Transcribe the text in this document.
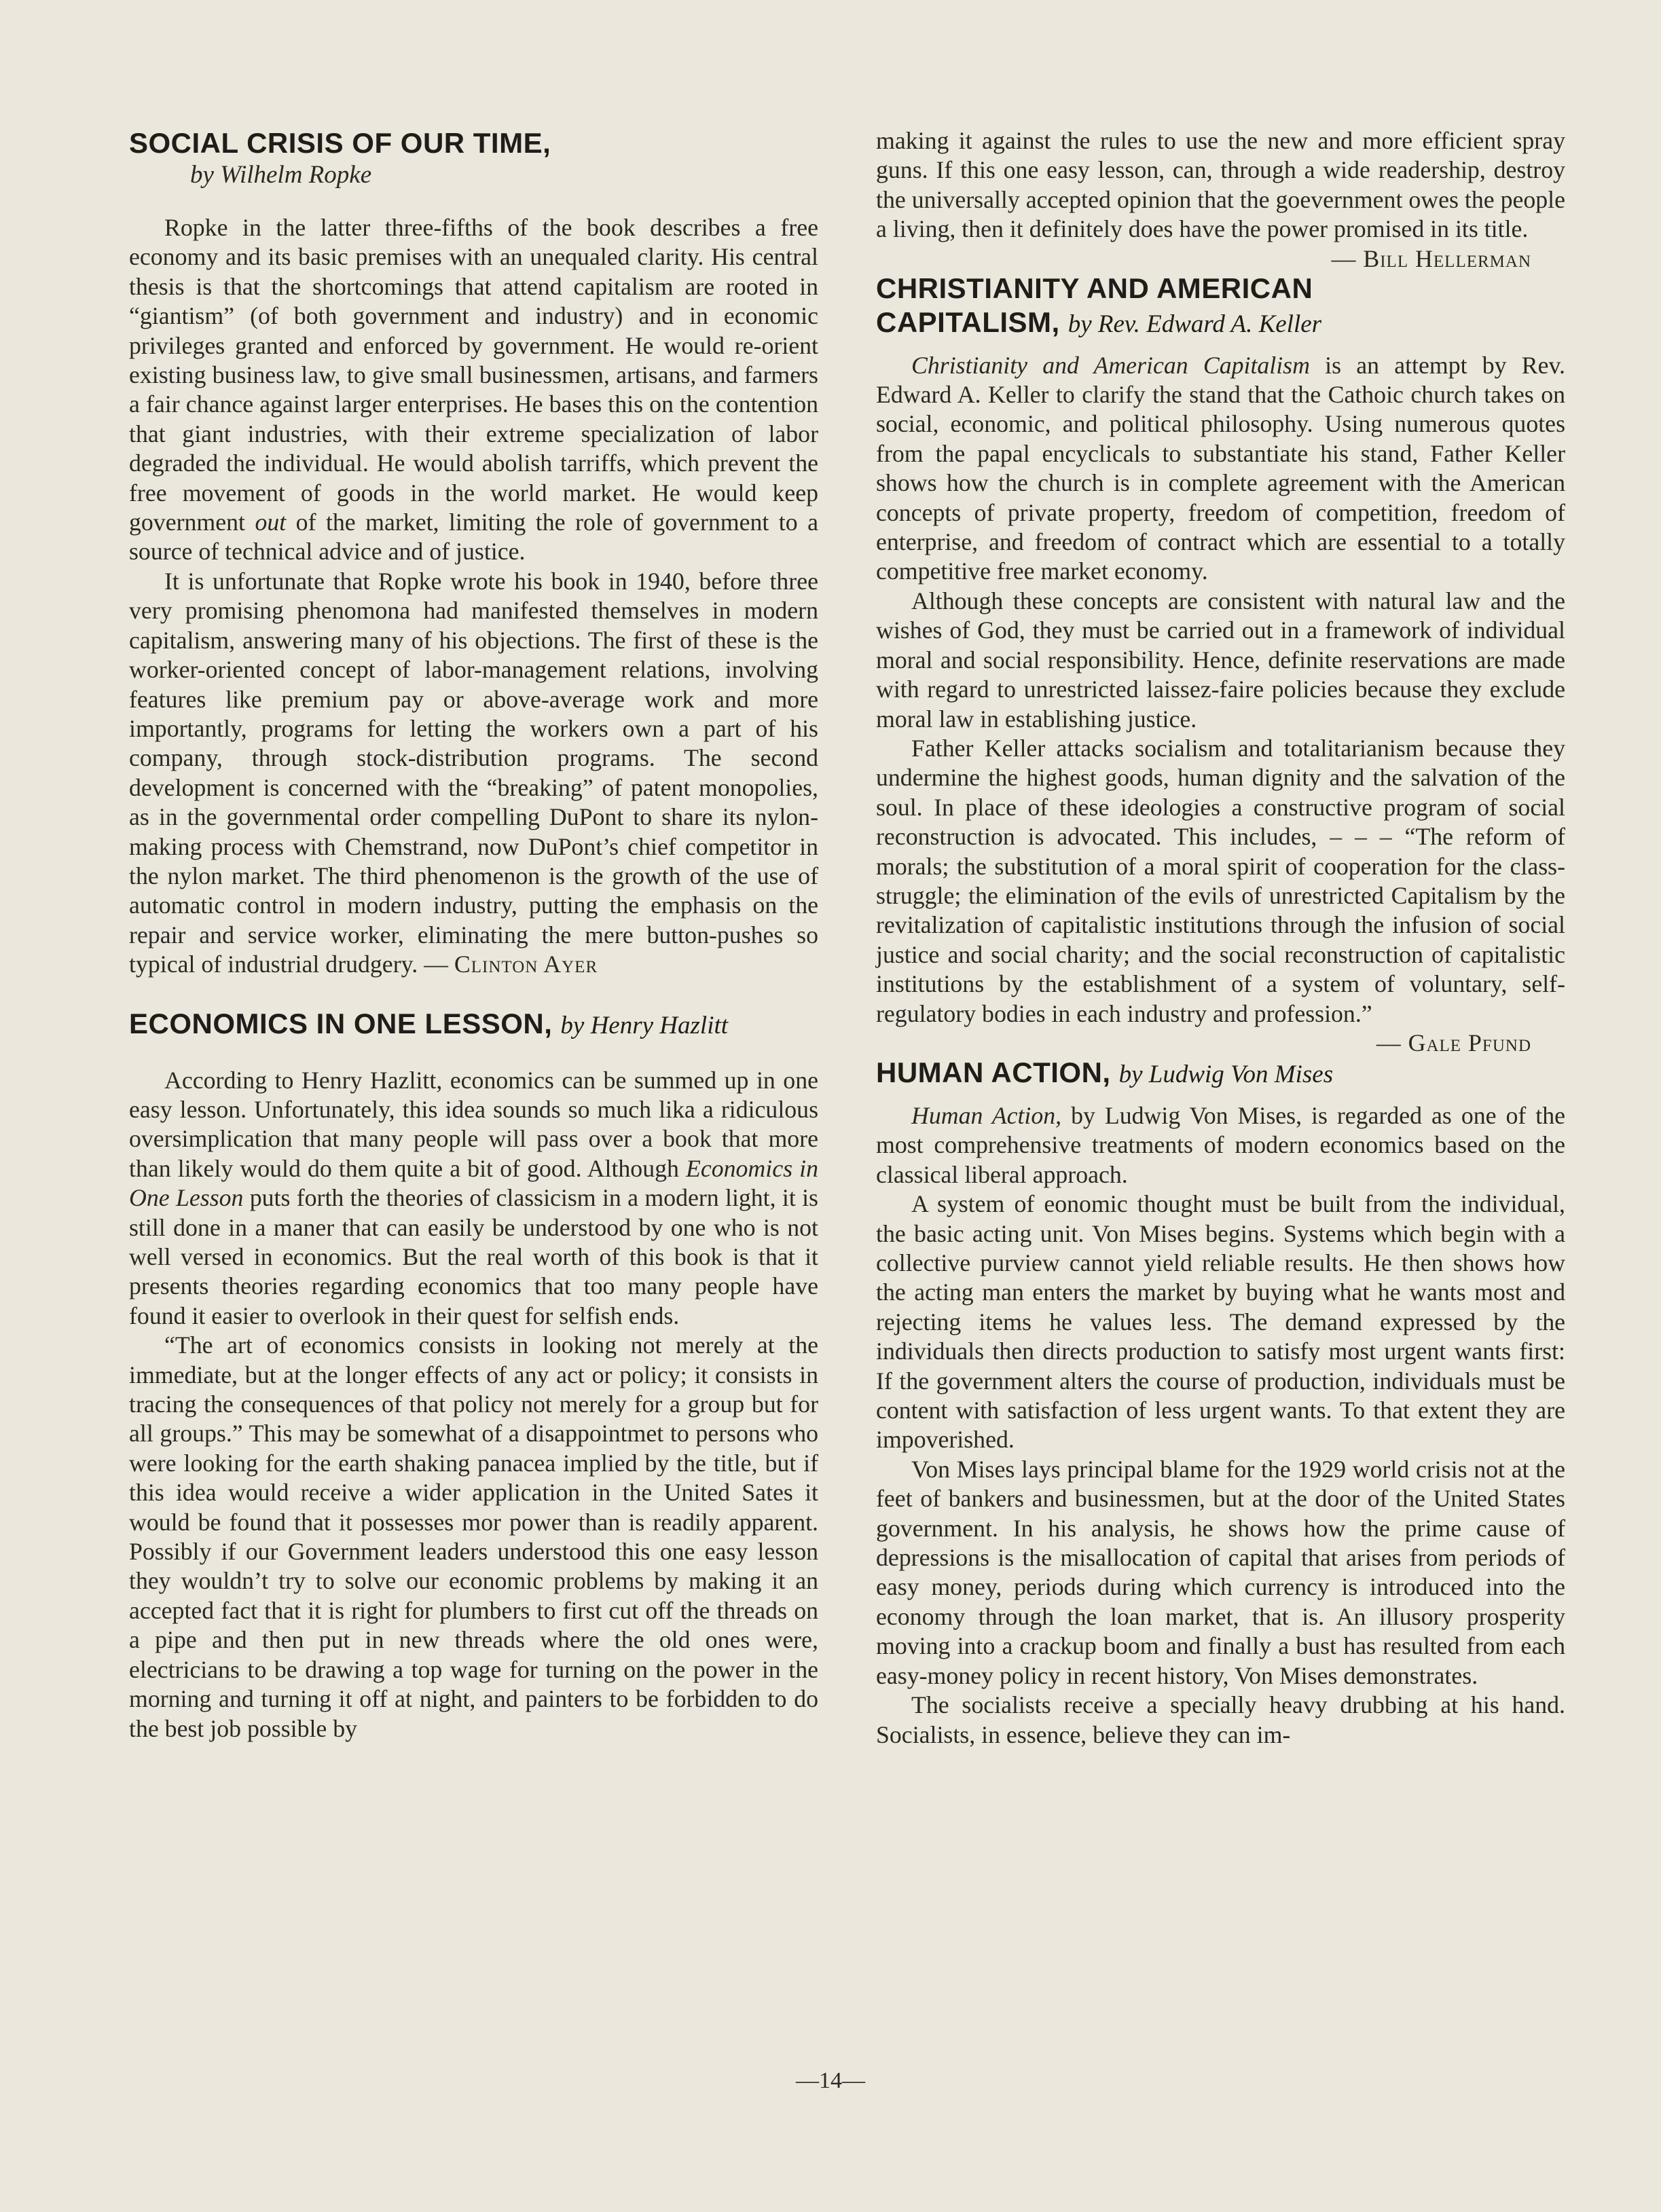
SOCIAL CRISIS OF OUR TIME,
by Wilhelm Ropke

Ropke in the latter three-fifths of the book describes a free economy and its basic premises with an unequaled clarity. His central thesis is that the shortcomings that attend capitalism are rooted in “giantism” (of both government and industry) and in economic privileges granted and enforced by government. He would re-orient existing business law, to give small businessmen, artisans, and farmers a fair chance against larger enterprises. He bases this on the contention that giant industries, with their extreme specialization of labor degraded the individual. He would abolish tarriffs, which prevent the free movement of goods in the world market. He would keep government out of the market, limiting the role of government to a source of technical advice and of justice.

It is unfortunate that Ropke wrote his book in 1940, before three very promising phenomona had manifested themselves in modern capitalism, answering many of his objections. The first of these is the worker-oriented concept of labor-management relations, involving features like premium pay or above-average work and more importantly, programs for letting the workers own a part of his company, through stock-distribution programs. The second development is concerned with the “breaking” of patent monopolies, as in the governmental order compelling DuPont to share its nylon-making process with Chemstrand, now DuPont’s chief competitor in the nylon market. The third phenomenon is the growth of the use of automatic control in modern industry, putting the emphasis on the repair and service worker, eliminating the mere button-pushes so typical of industrial drudgery. — Clinton Ayer

ECONOMICS IN ONE LESSON, by Henry Hazlitt

According to Henry Hazlitt, economics can be summed up in one easy lesson. Unfortunately, this idea sounds so much lika a ridiculous oversimplication that many people will pass over a book that more than likely would do them quite a bit of good. Although Economics in One Lesson puts forth the theories of classicism in a modern light, it is still done in a maner that can easily be understood by one who is not well versed in economics. But the real worth of this book is that it presents theories regarding economics that too many people have found it easier to overlook in their quest for selfish ends.

“The art of economics consists in looking not merely at the immediate, but at the longer effects of any act or policy; it consists in tracing the consequences of that policy not merely for a group but for all groups.” This may be somewhat of a disappointmet to persons who were looking for the earth shaking panacea implied by the title, but if this idea would receive a wider application in the United Sates it would be found that it possesses mor power than is readily apparent. Possibly if our Government leaders understood this one easy lesson they wouldn’t try to solve our economic problems by making it an accepted fact that it is right for plumbers to first cut off the threads on a pipe and then put in new threads where the old ones were, electricians to be drawing a top wage for turning on the power in the morning and turning it off at night, and painters to be forbidden to do the best job possible by

making it against the rules to use the new and more efficient spray guns. If this one easy lesson, can, through a wide readership, destroy the universally accepted opinion that the goevernment owes the people a living, then it definitely does have the power promised in its title.
— Bill Hellerman

CHRISTIANITY AND AMERICAN
CAPITALISM, by Rev. Edward A. Keller

Christianity and American Capitalism is an attempt by Rev. Edward A. Keller to clarify the stand that the Cathoic church takes on social, economic, and political philosophy. Using numerous quotes from the papal encyclicals to substantiate his stand, Father Keller shows how the church is in complete agreement with the American concepts of private property, freedom of competition, freedom of enterprise, and freedom of contract which are essential to a totally competitive free market economy.

Although these concepts are consistent with natural law and the wishes of God, they must be carried out in a framework of individual moral and social responsibility. Hence, definite reservations are made with regard to unrestricted laissez-faire policies because they exclude moral law in establishing justice.

Father Keller attacks socialism and totalitarianism because they undermine the highest goods, human dignity and the salvation of the soul. In place of these ideologies a constructive program of social reconstruction is advocated. This includes, – – – “The reform of morals; the substitution of a moral spirit of cooperation for the class-struggle; the elimination of the evils of unrestricted Capitalism by the revitalization of capitalistic institutions through the infusion of social justice and social charity; and the social reconstruction of capitalistic institutions by the establishment of a system of voluntary, self-regulatory bodies in each industry and profession.”
— Gale Pfund

HUMAN ACTION, by Ludwig Von Mises

Human Action, by Ludwig Von Mises, is regarded as one of the most comprehensive treatments of modern economics based on the classical liberal approach.

A system of eonomic thought must be built from the individual, the basic acting unit. Von Mises begins. Systems which begin with a collective purview cannot yield reliable results. He then shows how the acting man enters the market by buying what he wants most and rejecting items he values less. The demand expressed by the individuals then directs production to satisfy most urgent wants first: If the government alters the course of production, individuals must be content with satisfaction of less urgent wants. To that extent they are impoverished.

Von Mises lays principal blame for the 1929 world crisis not at the feet of bankers and businessmen, but at the door of the United States government. In his analysis, he shows how the prime cause of depressions is the misallocation of capital that arises from periods of easy money, periods during which currency is introduced into the economy through the loan market, that is. An illusory prosperity moving into a crackup boom and finally a bust has resulted from each easy-money policy in recent history, Von Mises demonstrates.

The socialists receive a specially heavy drubbing at his hand. Socialists, in essence, believe they can im-

—14—
